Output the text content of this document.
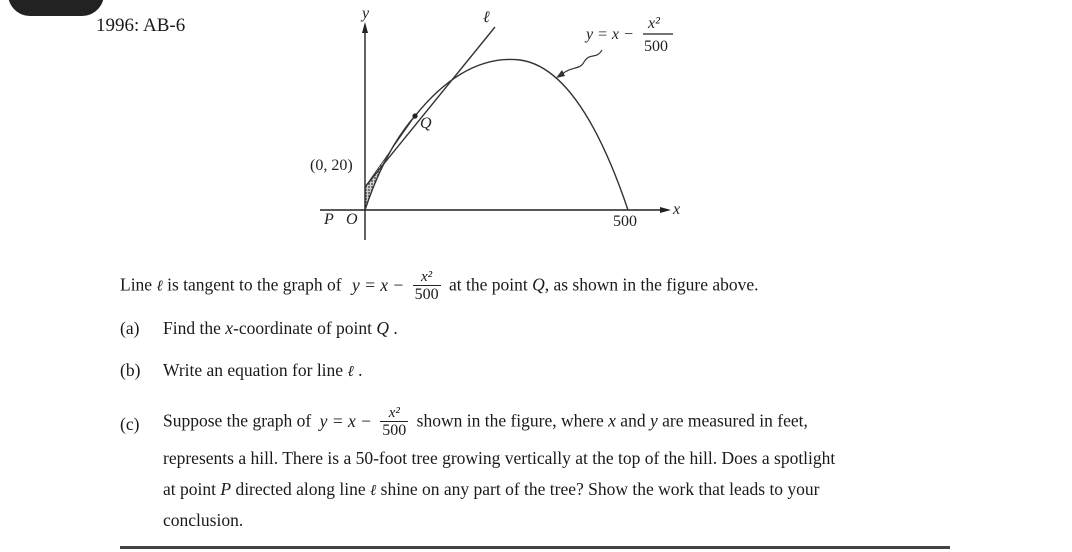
1996: AB-6
y	ℓ
Q
(0, 20)
P O	500
x
y = x −
x²
500
Line ℓ is tangent to the graph of $y = x - \frac{\text{x²}}{500}$ at the point Q, as shown in the figure above.
(a) Find the x-coordinate of point Q .
(b) Write an equation for line ℓ .
(c) Suppose the graph of $y = x - \frac{\text{x²}}{500}$ shown in the figure, where x and y are measured in feet,
represents a hill. There is a 50-foot tree growing vertically at the top of the hill. Does a spotlight
at point P directed along line ℓ shine on any part of the tree? Show the work that leads to your
conclusion.
